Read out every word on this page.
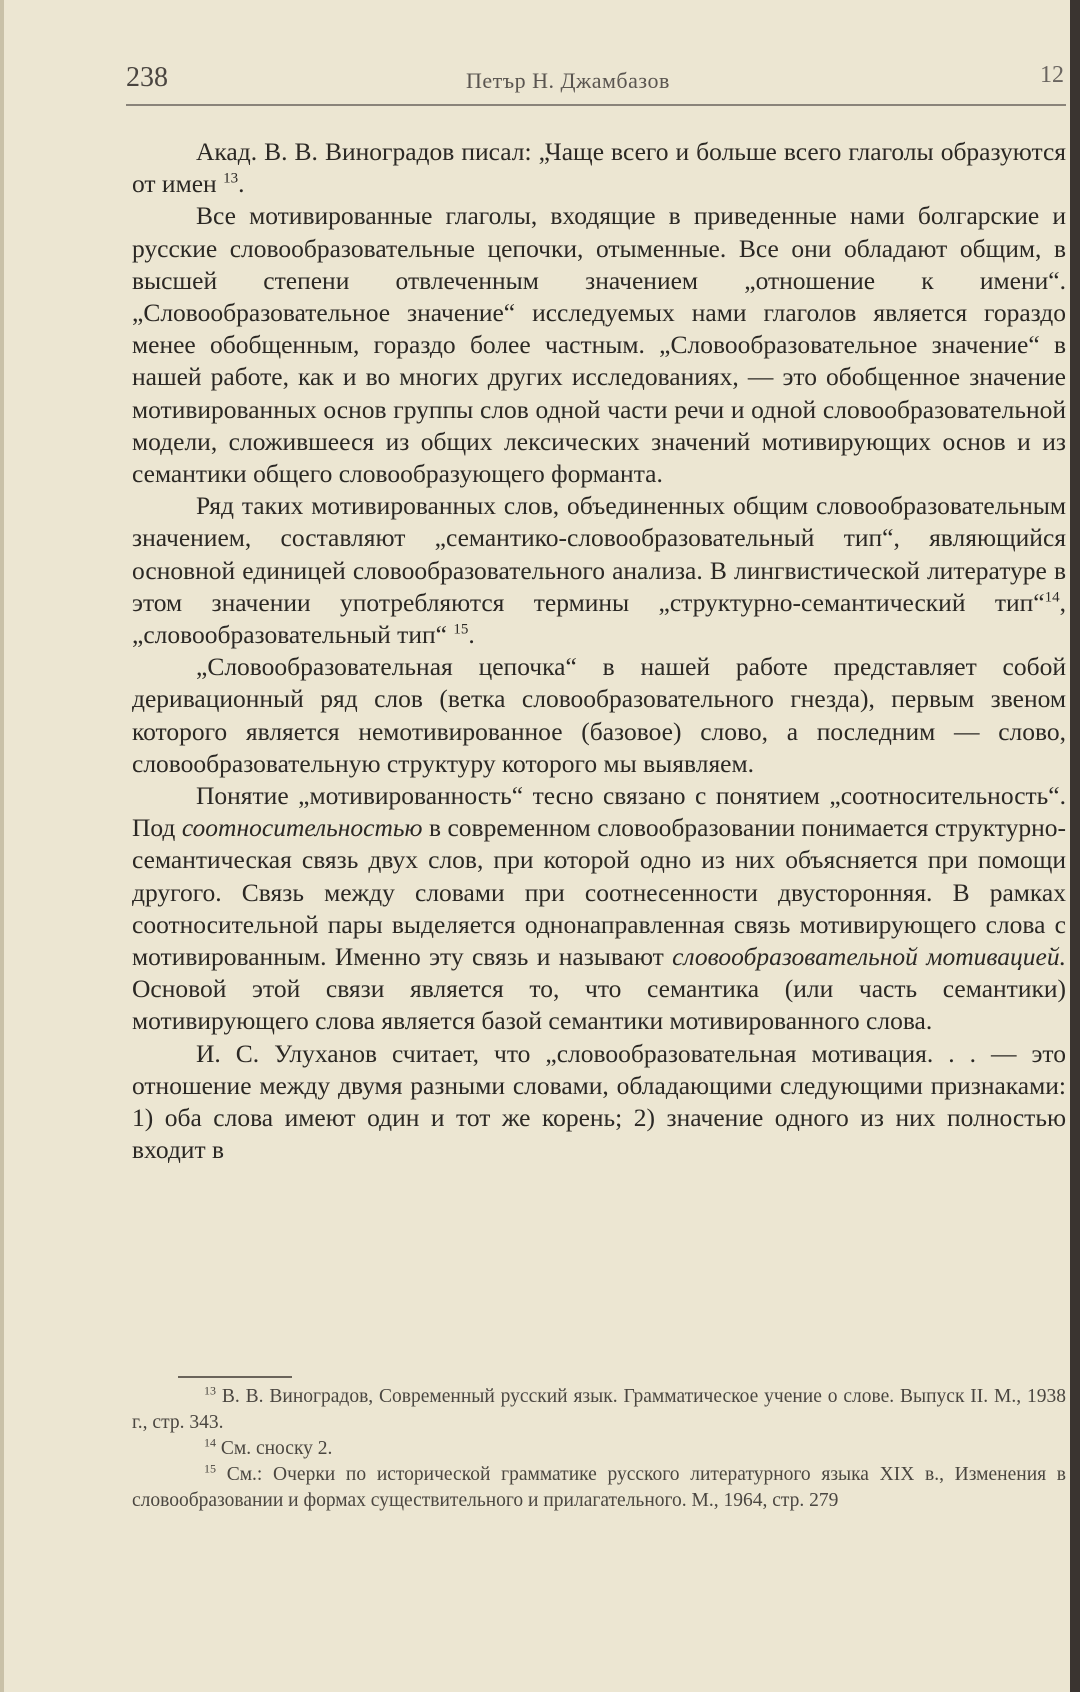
238	Петър Н. Джамбазов	12

Акад. В. В. Виноградов писал: „Чаще всего и больше всего глаголы образуются от имен $^{13}$.

Все мотивированные глаголы, входящие в приведенные нами болгарские и русские словообразовательные цепочки, отыменные. Все они обладают общим, в высшей степени отвлеченным значением „отношение к имени“. „Словообразовательное значение“ исследуемых нами глаголов является гораздо менее обобщенным, гораздо более частным. „Словообразовательное значение“ в нашей работе, как и во многих других исследованиях, — это обобщенное значение мотивированных основ группы слов одной части речи и одной словообразовательной модели, сложившееся из общих лексических значений мотивирующих основ и из семантики общего словообразующего форманта.

Ряд таких мотивированных слов, объединенных общим словообразовательным значением, составляют „семантико-словообразовательный тип“, являющийся основной единицей словообразовательного анализа. В лингвистической литературе в этом значении употребляются термины „структурно-семантический тип“$^{14}$, „словообразовательный тип“ $^{15}$.

„Словообразовательная цепочка“ в нашей работе представляет собой деривационный ряд слов (ветка словообразовательного гнезда), первым звеном которого является немотивированное (базовое) слово, а последним — слово, словообразовательную структуру которого мы выявляем.

Понятие „мотивированность“ тесно связано с понятием „соотносительность“. Под соотносительностью в современном словообразовании понимается структурно-семантическая связь двух слов, при которой одно из них объясняется при помощи другого. Связь между словами при соотнесенности двусторонняя. В рамках соотносительной пары выделяется однонаправленная связь мотивирующего слова с мотивированным. Именно эту связь и называют словообразовательной мотивацией. Основой этой связи является то, что семантика (или часть семантики) мотивирующего слова является базой семантики мотивированного слова.

И. С. Улуханов считает, что „словообразовательная мотивация. . . — это отношение между двумя разными словами, обладающими следующими признаками: 1) оба слова имеют один и тот же корень; 2) значение одного из них полностью входит в

$^{13}$ В. В. Виноградов, Современный русский язык. Грамматическое учение о слове. Выпуск II. М., 1938 г., стр. 343.

$^{14}$ См. сноску 2.

$^{15}$ См.: Очерки по исторической грамматике русского литературного языка XIX в., Изменения в словообразовании и формах существительного и прилагательного. М., 1964, стр. 279
